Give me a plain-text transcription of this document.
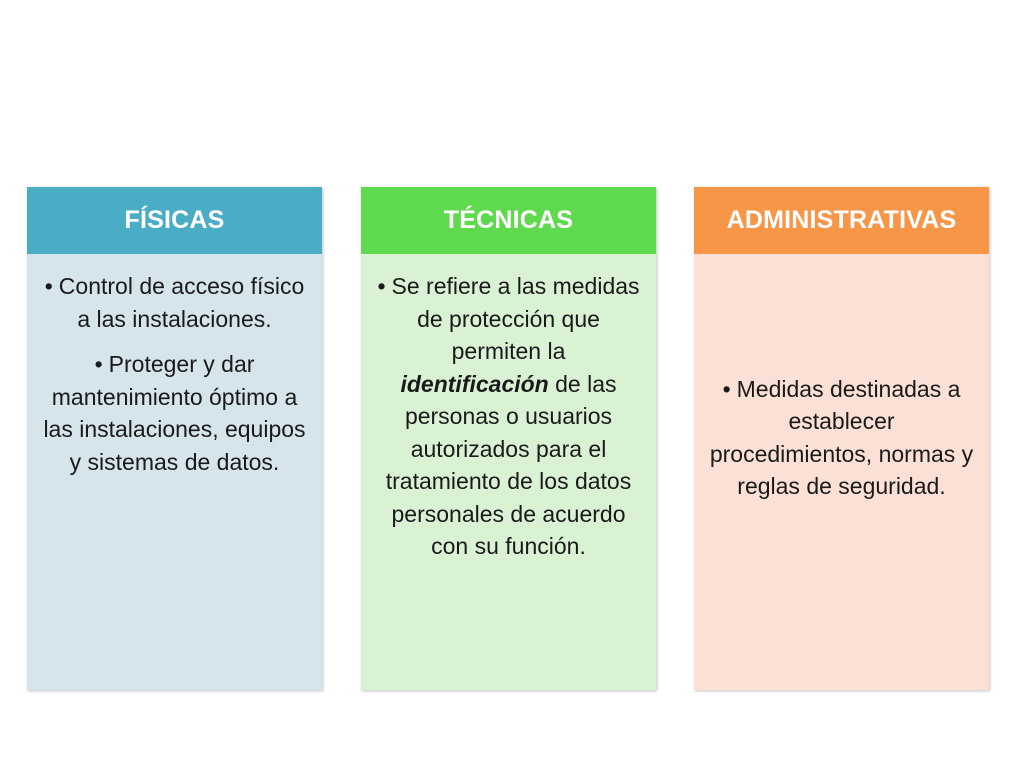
FÍSICAS
• Control de acceso físico a las instalaciones.
• Proteger y dar mantenimiento óptimo a las instalaciones, equipos y sistemas de datos.
TÉCNICAS
• Se refiere a las medidas de protección que permiten la identificación de las personas o usuarios autorizados para el tratamiento de los datos personales de acuerdo con su función.
ADMINISTRATIVAS
• Medidas destinadas a establecer procedimientos, normas y reglas de seguridad.
